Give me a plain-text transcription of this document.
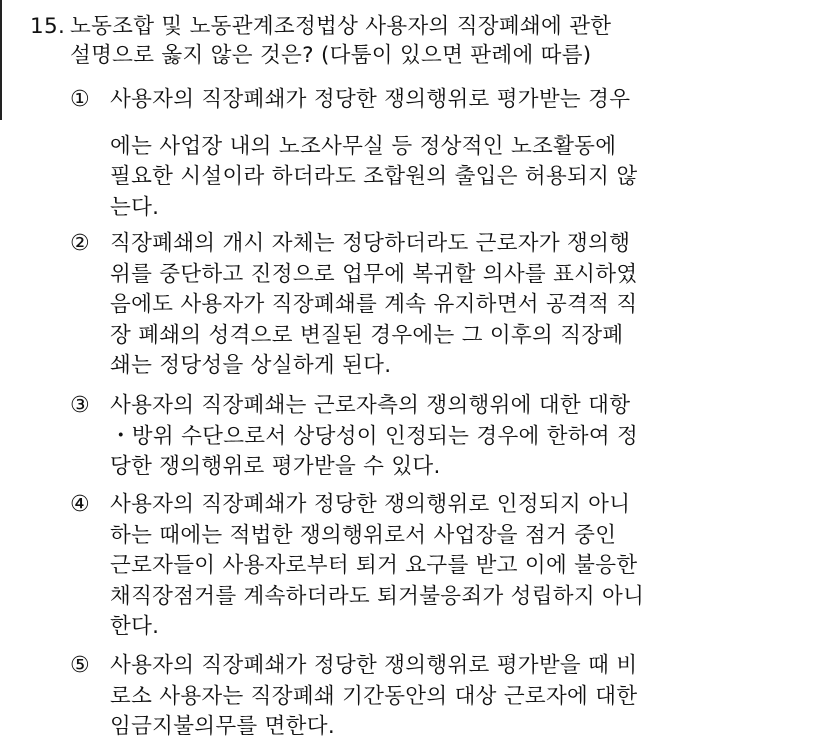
15. 노동조합 및 노동관계조정법상 사용자의 직장폐쇄에 관한
설명으로 옳지 않은 것은? (다툼이 있으면 판례에 따름)
① 사용자의 직장폐쇄가 정당한 쟁의행위로 평가받는 경우
에는 사업장 내의 노조사무실 등 정상적인 노조활동에
필요한 시설이라 하더라도 조합원의 출입은 허용되지 않
는다.
② 직장폐쇄의 개시 자체는 정당하더라도 근로자가 쟁의행
위를 중단하고 진정으로 업무에 복귀할 의사를 표시하였
음에도 사용자가 직장폐쇄를 계속 유지하면서 공격적 직
장 폐쇄의 성격으로 변질된 경우에는 그 이후의 직장폐
쇄는 정당성을 상실하게 된다.
③ 사용자의 직장폐쇄는 근로자측의 쟁의행위에 대한 대항
・방위 수단으로서 상당성이 인정되는 경우에 한하여 정
당한 쟁의행위로 평가받을 수 있다.
④ 사용자의 직장폐쇄가 정당한 쟁의행위로 인정되지 아니
하는 때에는 적법한 쟁의행위로서 사업장을 점거 중인
근로자들이 사용자로부터 퇴거 요구를 받고 이에 불응한
채직장점거를 계속하더라도 퇴거불응죄가 성립하지 아니
한다.
⑤ 사용자의 직장폐쇄가 정당한 쟁의행위로 평가받을 때 비
로소 사용자는 직장폐쇄 기간동안의 대상 근로자에 대한
임금지불의무를 면한다.
